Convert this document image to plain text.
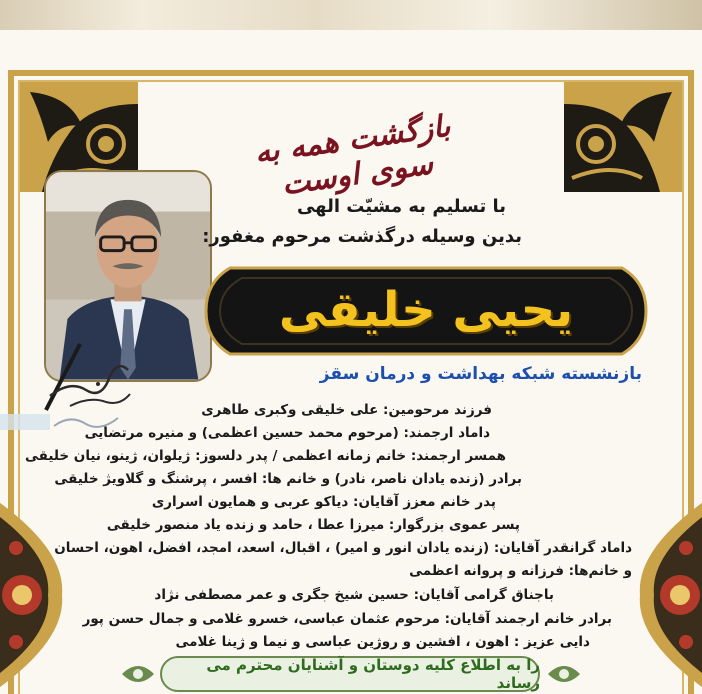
بازگشت همه به سوی اوست
با تسلیم به مشیّت الهی
بدین وسیله درگذشت مرحوم مغفور:
یحیی خلیقی
بازنشسته شبکه بهداشت و درمان سقز
فرزند مرحومین: علی خلیقی وکبری طاهری
داماد ارجمند: (مرحوم محمد حسین اعظمی) و منیره مرتضایی
همسر ارجمند: خانم زمانه اعظمی / پدر دلسوز: ژیلوان، ژینو، نیان خلیقی
برادر (زنده یادان ناصر، نادر) و خانم ها: افسر ، پرشنگ و گلاویژ خلیقی
پدر خانم معزز آقایان: دیاکو عربی و همایون اسراری
پسر عموی بزرگوار: میرزا عطا ، حامد و زنده یاد منصور خلیقی
داماد گرانقدر آقایان: (زنده یادان انور و امیر) ، اقبال، اسعد، امجد، افضل، اهون، احسان
و خانم‌ها: فرزانه و پروانه اعظمی
باجناق گرامی آقایان: حسین شیخ جگری و عمر مصطفی نژاد
برادر خانم ارجمند آقایان: مرحوم عثمان عباسی، خسرو غلامی و جمال حسن پور
دایی عزیز : اهون ، افشین و روژین عباسی و نیما و ژینا غلامی
را به اطلاع کلیه دوستان و آشنایان محترم می رساند
